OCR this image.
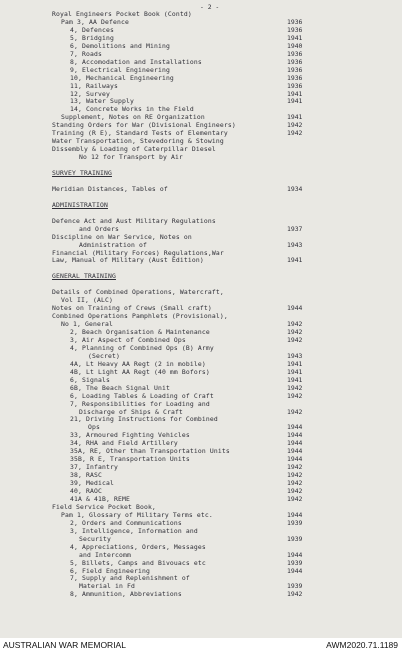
- 2 -
Royal Engineers Pocket Book (Contd)
Pam 3, AA Defence	1936
4, Defences	1936
5, Bridging	1941
6, Demolitions and Mining	1940
7, Roads	1936
8, Accomodation and Installations	1936
9, Electrical Engineering	1936
10, Mechanical Engineering	1936
11, Railways	1936
12, Survey	1941
13, Water Supply	1941
14, Concrete Works in the Field
Supplement, Notes on RE Organization	1941
Standing Orders for War (Divisional Engineers)	1942
Training (R E), Standard Tests of Elementary	1942
Water Transportation, Stevedoring & Stowing
Dissembly & Loading of Caterpillar Diesel
No 12 for Transport by Air
SURVEY TRAINING
Meridian Distances, Tables of	1934
ADMINISTRATION
Defence Act and Aust Military Regulations
and Orders	1937
Discipline on War Service, Notes on
Administration of	1943
Financial (Military Forces) Regulations,War
Law, Manual of Military (Aust Edition)	1941
GENERAL TRAINING
Details of Combined Operations, Watercraft,
Vol II, (ALC)
Notes on Training of Crews (Small craft)	1944
Combined Operations Pamphlets (Provisional),
No 1, General	1942
2, Beach Organisation & Maintenance	1942
3, Air Aspect of Combined Ops	1942
4, Planning of Combined Ops (B) Army
(Secret)	1943
4A, Lt Heavy AA Regt (2 in mobile)	1941
4B, Lt Light AA Regt (40 mm Bofors)	1941
6, Signals	1941
6B, The Beach Signal Unit	1942
6, Loading Tables & Loading of Craft	1942
7, Responsibilities for Loading and
Discharge of Ships & Craft	1942
21, Driving Instructions for Combined
Ops	1944
33, Armoured Fighting Vehicles	1944
34, RHA and Field Artillery	1944
35A, RE, Other than Transportation Units	1944
35B, R E, Transportation Units	1944
37, Infantry	1942
38, RASC	1942
39, Medical	1942
40, RAOC	1942
41A & 41B, REME	1942
Field Service Pocket Book,
Pam 1, Glossary of Military Terms etc.	1944
2, Orders and Communications	1939
3, Intelligence, Information and
Security	1939
4, Appreciations, Orders, Messages
and Intercomm	1944
5, Billets, Camps and Bivouacs etc	1939
6, Field Engineering	1944
7, Supply and Replenishment of
Material in Fd	1939
8, Ammunition, Abbreviations	1942
AUSTRALIAN WAR MEMORIAL	AWM2020.71.1189
